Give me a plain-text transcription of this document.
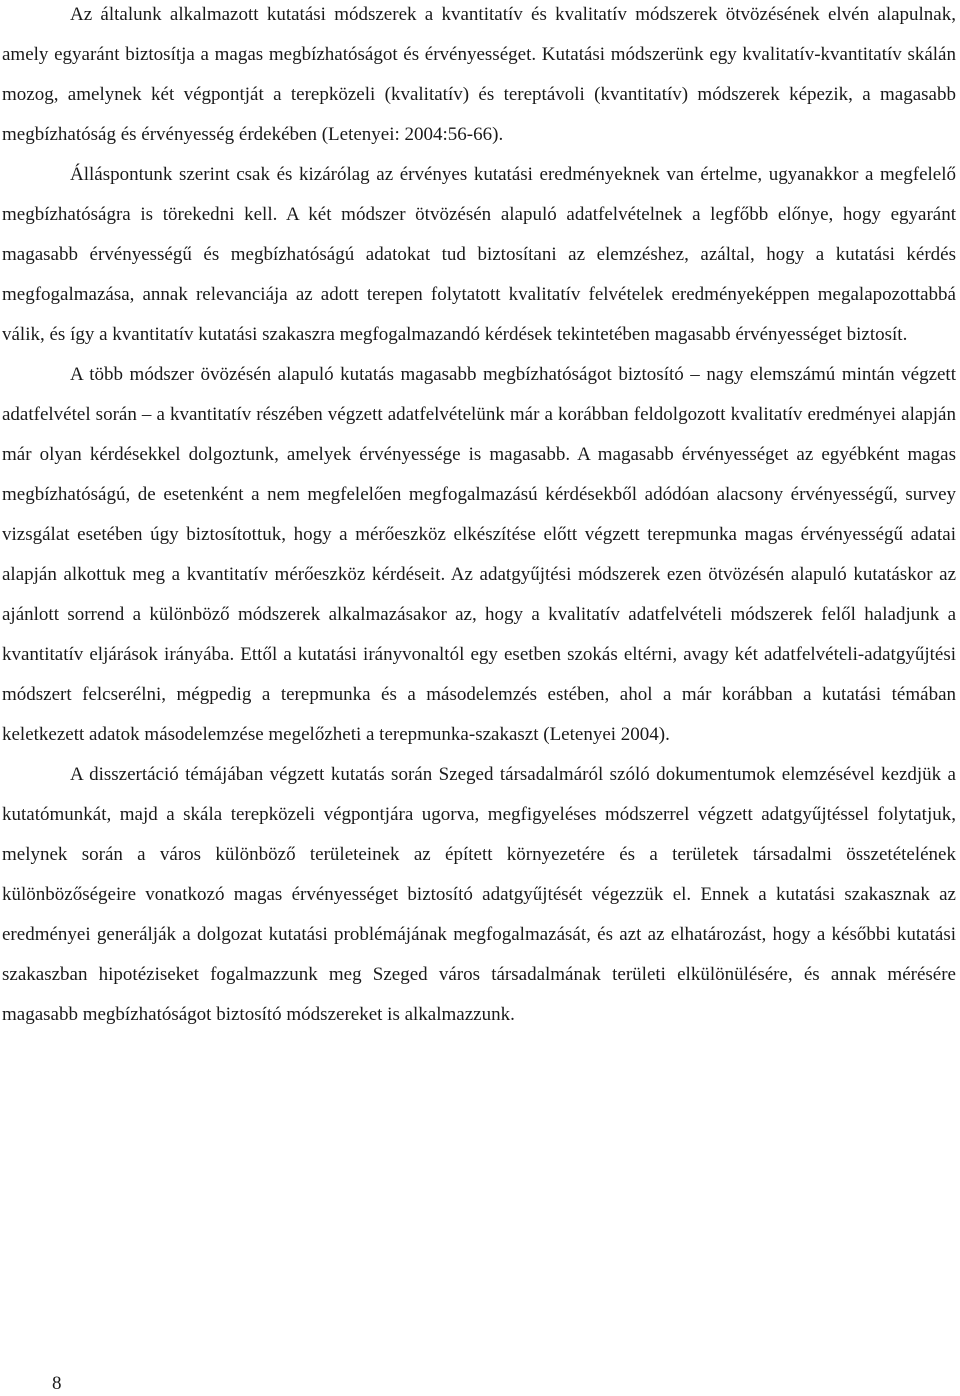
Az általunk alkalmazott kutatási módszerek a kvantitatív és kvalitatív módszerek ötvözésének elvén alapulnak, amely egyaránt biztosítja a magas megbízhatóságot és érvényességet. Kutatási módszerünk egy kvalitatív-kvantitatív skálán mozog, amelynek két végpontját a terepközeli (kvalitatív) és tereptávoli (kvantitatív) módszerek képezik, a magasabb megbízhatóság és érvényesség érdekében (Letenyei: 2004:56-66).

Álláspontunk szerint csak és kizárólag az érvényes kutatási eredményeknek van értelme, ugyanakkor a megfelelő megbízhatóságra is törekedni kell. A két módszer ötvözésén alapuló adatfelvételnek a legfőbb előnye, hogy egyaránt magasabb érvényességű és megbízhatóságú adatokat tud biztosítani az elemzéshez, azáltal, hogy a kutatási kérdés megfogalmazása, annak relevanciája az adott terepen folytatott kvalitatív felvételek eredményeképpen megalapozottabbá válik, és így a kvantitatív kutatási szakaszra megfogalmazandó kérdések tekintetében magasabb érvényességet biztosít.

A több módszer övözésén alapuló kutatás magasabb megbízhatóságot biztosító – nagy elemszámú mintán végzett adatfelvétel során – a kvantitatív részében végzett adatfelvételünk már a korábban feldolgozott kvalitatív eredményei alapján már olyan kérdésekkel dolgoztunk, amelyek érvényessége is magasabb. A magasabb érvényességet az egyébként magas megbízhatóságú, de esetenként a nem megfelelően megfogalmazású kérdésekből adódóan alacsony érvényességű, survey vizsgálat esetében úgy biztosítottuk, hogy a mérőeszköz elkészítése előtt végzett terepmunka magas érvényességű adatai alapján alkottuk meg a kvantitatív mérőeszköz kérdéseit. Az adatgyűjtési módszerek ezen ötvözésén alapuló kutatáskor az ajánlott sorrend a különböző módszerek alkalmazásakor az, hogy a kvalitatív adatfelvételi módszerek felől haladjunk a kvantitatív eljárások irányába. Ettől a kutatási irányvonaltól egy esetben szokás eltérni, avagy két adatfelvételi-adatgyűjtési módszert felcserélni, mégpedig a terepmunka és a másodelemzés estében, ahol a már korábban a kutatási témában keletkezett adatok másodelemzése megelőzheti a terepmunka-szakaszt (Letenyei 2004).

A disszertáció témájában végzett kutatás során Szeged társadalmáról szóló dokumentumok elemzésével kezdjük a kutatómunkát, majd a skála terepközeli végpontjára ugorva, megfigyeléses módszerrel végzett adatgyűjtéssel folytatjuk, melynek során a város különböző területeinek az épített környezetére és a területek társadalmi összetételének különbözőségeire vonatkozó magas érvényességet biztosító adatgyűjtését végezzük el. Ennek a kutatási szakasznak az eredményei generálják a dolgozat kutatási problémájának megfogalmazását, és azt az elhatározást, hogy a későbbi kutatási szakaszban hipotéziseket fogalmazzunk meg Szeged város társadalmának területi elkülönülésére, és annak mérésére magasabb megbízhatóságot biztosító módszereket is alkalmazzunk.

8
